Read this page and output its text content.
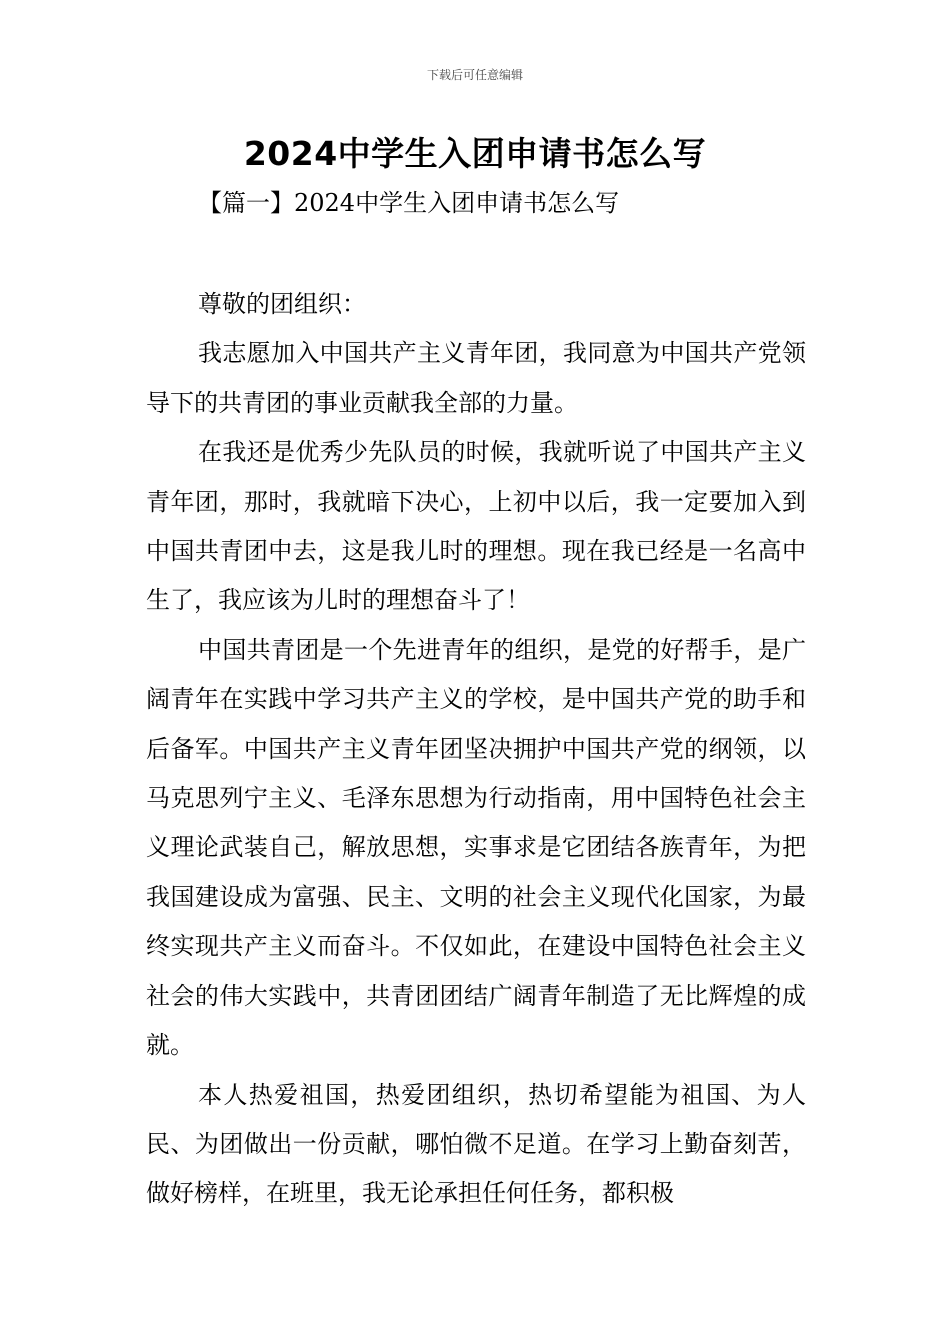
下载后可任意编辑
2024中学生入团申请书怎么写
【篇一】2024中学生入团申请书怎么写

尊敬的团组织：

我志愿加入中国共产主义青年团，我同意为中国共产党领导下的共青团的事业贡献我全部的力量。

在我还是优秀少先队员的时候，我就听说了中国共产主义青年团，那时，我就暗下决心，上初中以后，我一定要加入到中国共青团中去，这是我儿时的理想。现在我已经是一名高中生了，我应该为儿时的理想奋斗了！

中国共青团是一个先进青年的组织，是党的好帮手，是广阔青年在实践中学习共产主义的学校，是中国共产党的助手和后备军。中国共产主义青年团坚决拥护中国共产党的纲领，以马克思列宁主义、毛泽东思想为行动指南，用中国特色社会主义理论武装自己，解放思想，实事求是它团结各族青年，为把我国建设成为富强、民主、文明的社会主义现代化国家，为最终实现共产主义而奋斗。不仅如此，在建设中国特色社会主义社会的伟大实践中，共青团团结广阔青年制造了无比辉煌的成就。

本人热爱祖国，热爱团组织，热切希望能为祖国、为人民、为团做出一份贡献，哪怕微不足道。在学习上勤奋刻苦，做好榜样，在班里，我无论承担任何任务，都积极
